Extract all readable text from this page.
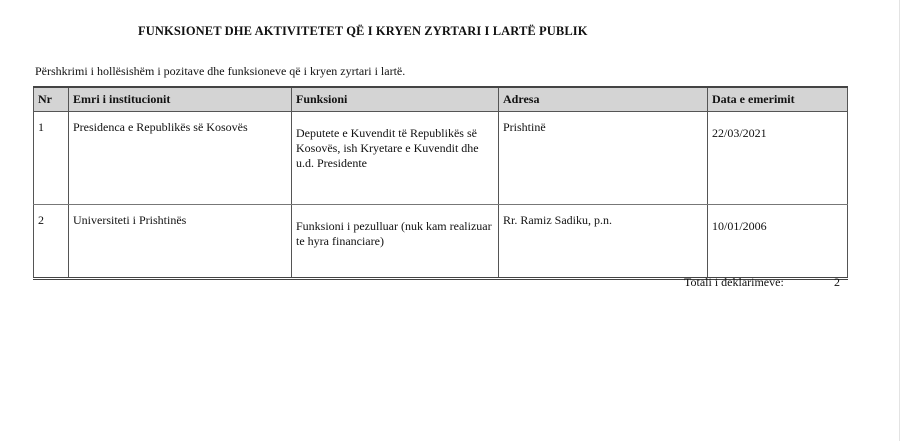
FUNKSIONET DHE AKTIVITETET QË I KRYEN ZYRTARI I LARTË PUBLIK
Përshkrimi i hollësishëm i pozitave dhe funksioneve që i kryen zyrtari i lartë.
Nr	Emri i institucionit	Funksioni	Adresa	Data e emerimit
1	Presidenca e Republikës së Kosovës	Deputete e Kuvendit të Republikës së Kosovës, ish Kryetare e Kuvendit dhe u.d. Presidente	Prishtinë	22/03/2021
2	Universiteti i Prishtinës	Funksioni i pezulluar (nuk kam realizuar te hyra financiare)	Rr. Ramiz Sadiku, p.n.	10/01/2006
Totali i deklarimeve:	2
